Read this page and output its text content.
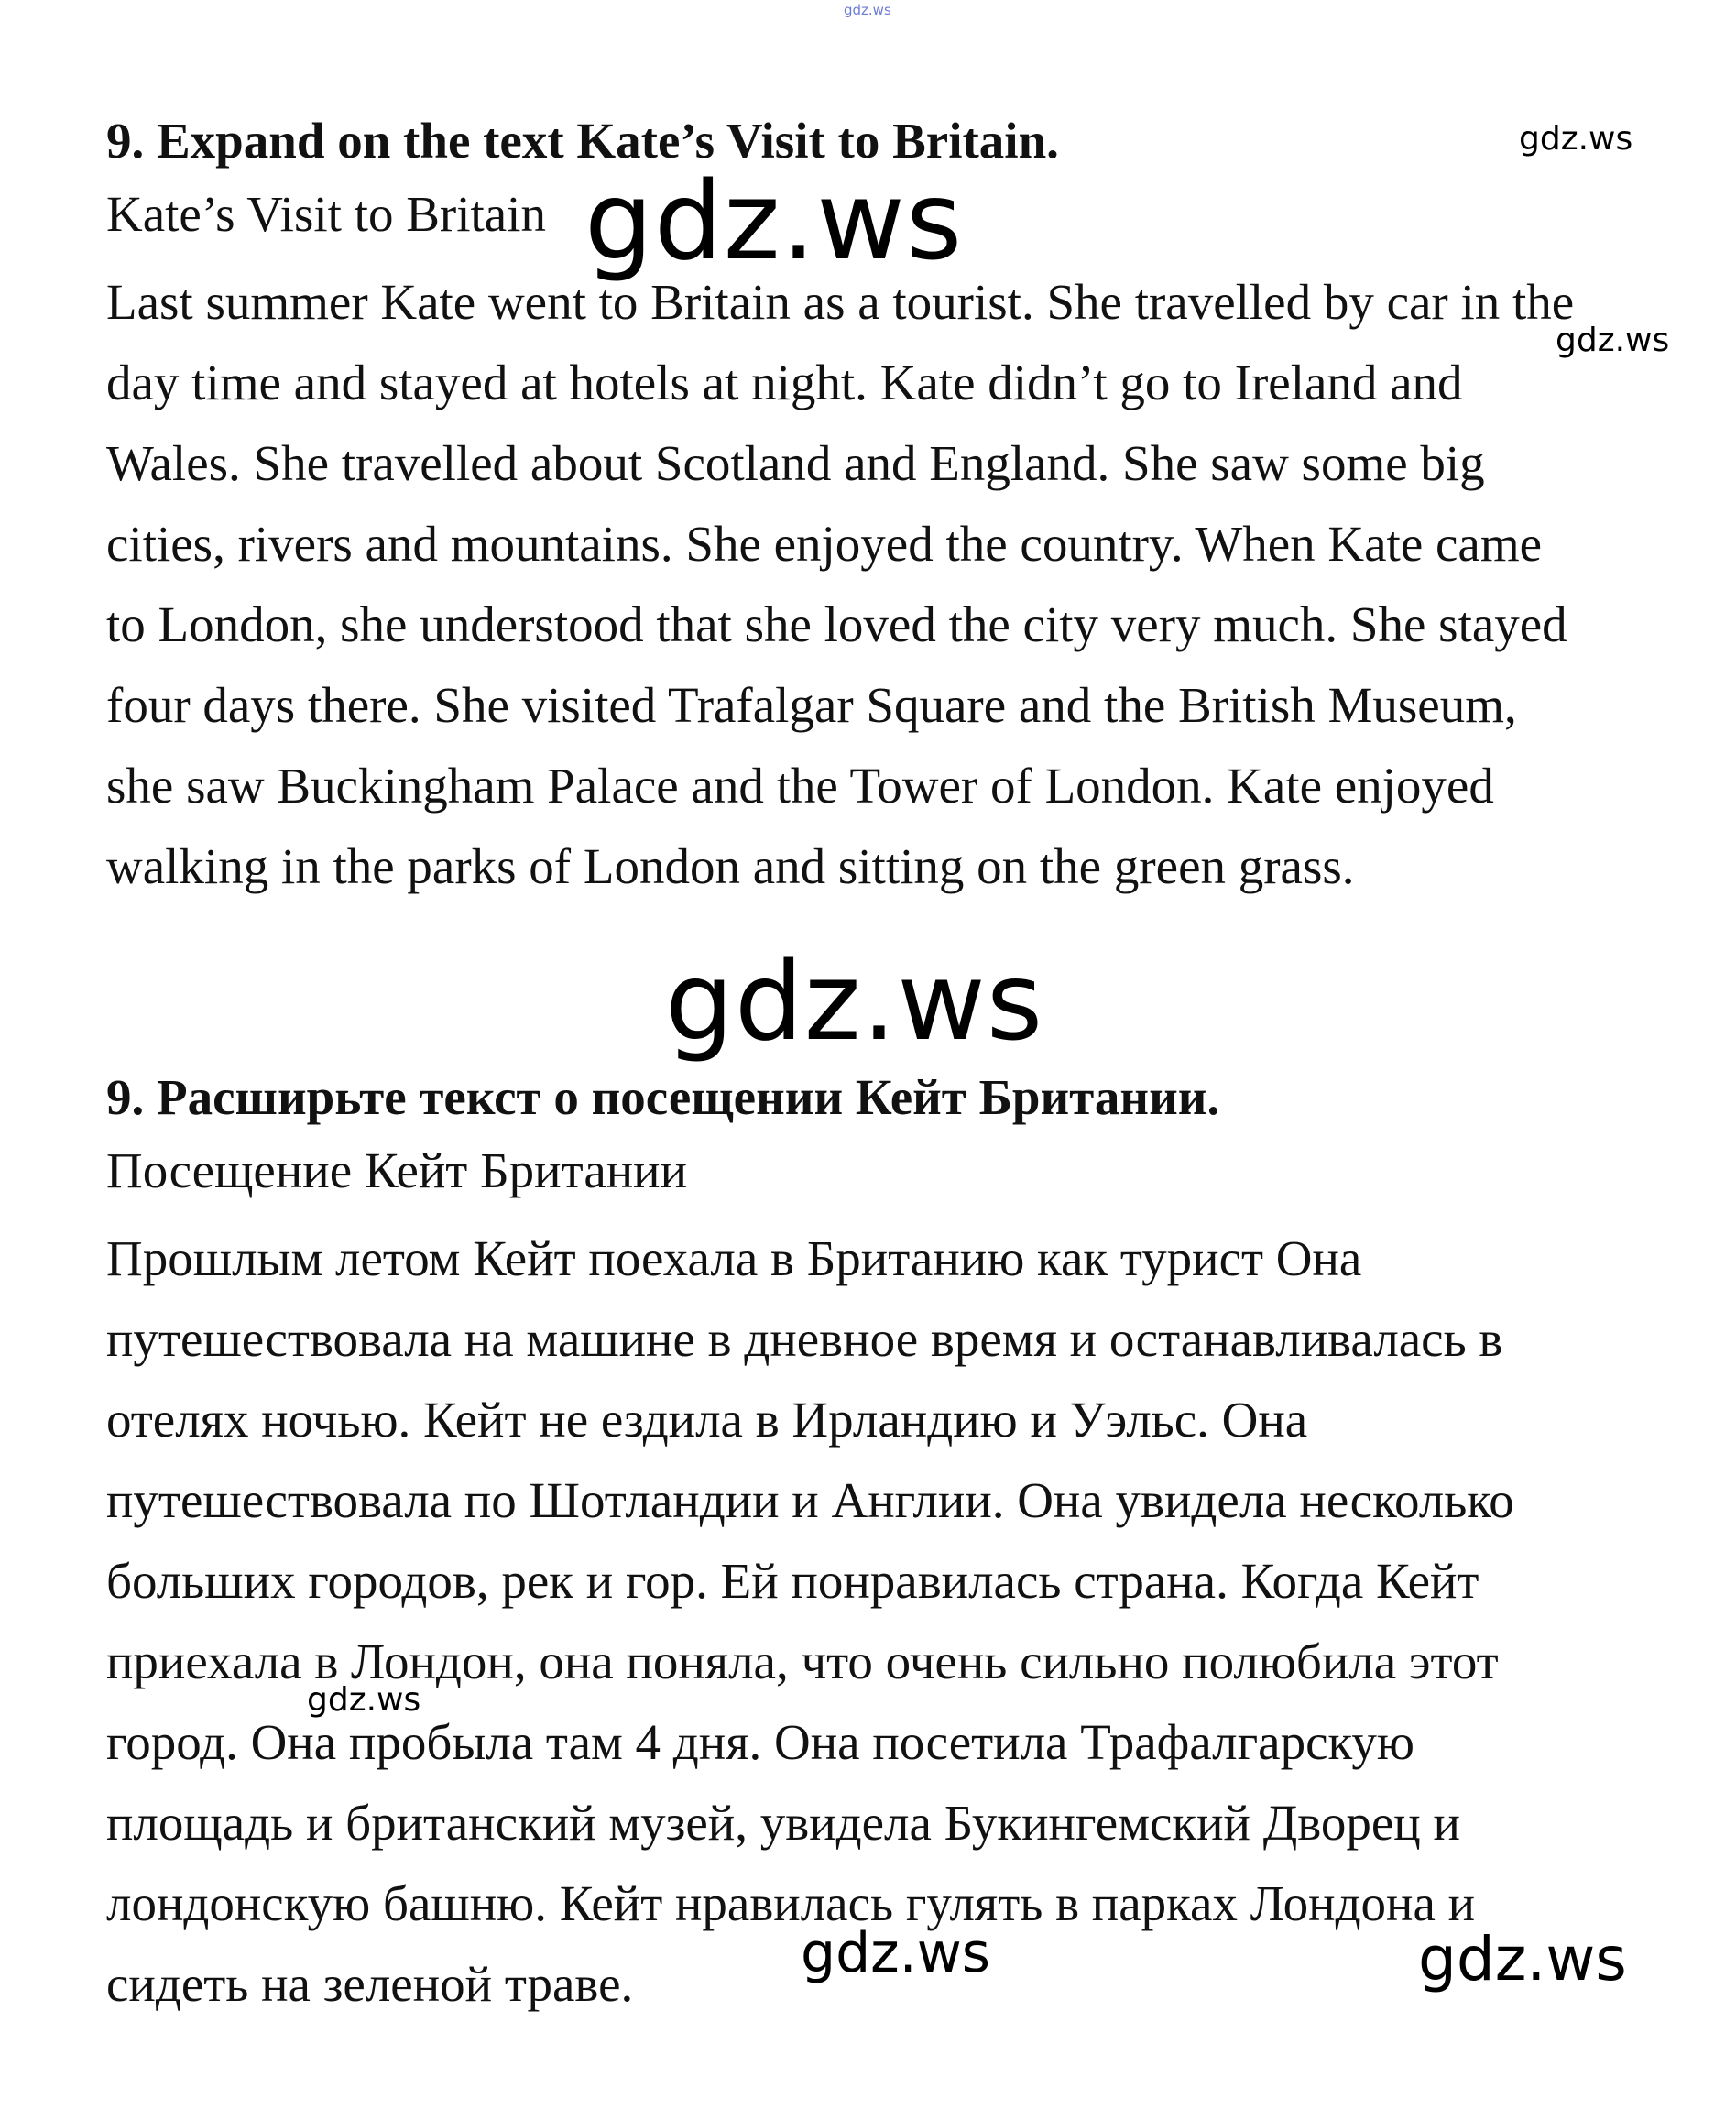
9. Expand on the text Kate’s Visit to Britain.
Kate’s Visit to Britain
Last summer Kate went to Britain as a tourist. She travelled by car in the
day time and stayed at hotels at night. Kate didn’t go to Ireland and
Wales. She travelled about Scotland and England. She saw some big
cities, rivers and mountains. She enjoyed the country. When Kate came
to London, she understood that she loved the city very much. She stayed
four days there. She visited Trafalgar Square and the British Museum,
she saw Buckingham Palace and the Tower of London. Kate enjoyed
walking in the parks of London and sitting on the green grass.
9. Расширьте текст о посещении Кейт Британии.
Посещение Кейт Британии
Прошлым летом Кейт поехала в Британию как турист Она
путешествовала на машине в дневное время и останавливалась в
отелях ночью. Кейт не ездила в Ирландию и Уэльс. Она
путешествовала по Шотландии и Англии. Она увидела несколько
больших городов, рек и гор. Ей понравилась страна. Когда Кейт
приехала в Лондон, она поняла, что очень сильно полюбила этот
город. Она пробыла там 4 дня. Она посетила Трафалгарскую
площадь и британский музей, увидела Букингемский Дворец и
лондонскую башню. Кейт нравилась гулять в парках Лондона и
сидеть на зеленой траве.
gdz.ws
gdz.ws
gdz.ws
gdz.ws
gdz.ws
gdz.ws
gdz.ws	gdz.ws
